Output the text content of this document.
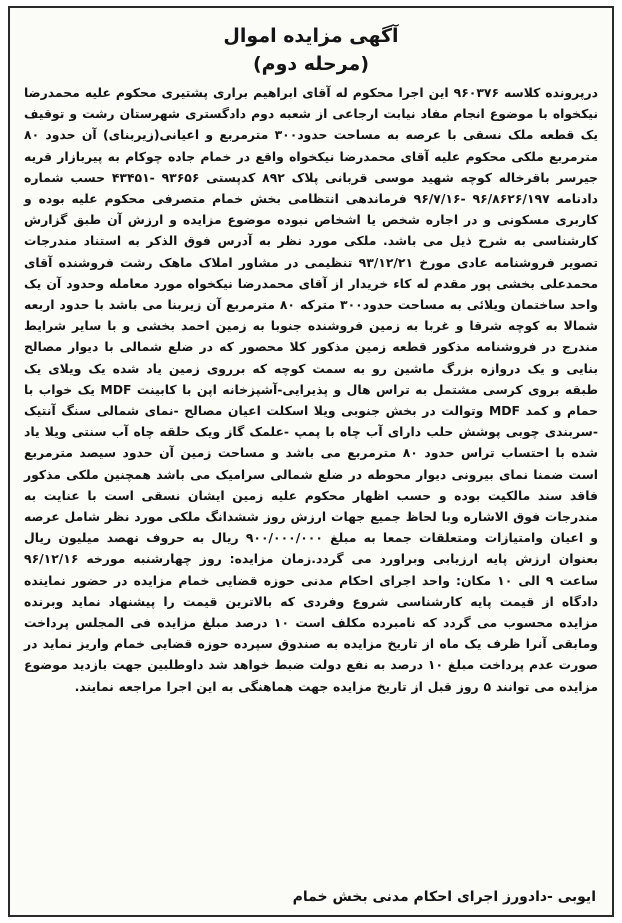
آگهی مزایده اموال

(مرحله دوم)

درپرونده کلاسه ۹۶۰۳۷۶ این اجرا محکوم له آقای ابراهیم براری پشتیری محکوم علیه محمدرضا نیکخواه با موضوع انجام مفاد نیابت ارجاعی از شعبه دوم دادگستری شهرستان رشت و توقیف یک قطعه ملک نسقی با عرصه به مساحت حدود۳۰۰ مترمربع و اعیانی(زیربنای) آن حدود ۸۰ مترمربع ملکی محکوم علیه آقای محمدرضا نیکخواه واقع در خمام جاده چوکام به پیربازار قریه جیرسر باقرخاله کوچه شهید موسی قربانی پلاک ۸۹۲ کدپستی ۹۳۶۵۶ -۴۳۴۵۱ حسب شماره دادنامه ۹۶/۸۶۲۶/۱۹۷ -۹۶/۷/۱۶ فرماندهی انتظامی بخش خمام متصرفی محکوم علیه بوده و کاربری مسکونی و در اجاره شخص یا اشخاص نبوده موضوع مزایده و ارزش آن طبق گزارش کارشناسی به شرح ذیل می باشد. ملکی مورد نظر به آدرس فوق الذکر به استناد مندرجات تصویر فروشنامه عادی مورخ ۹۳/۱۲/۲۱ تنظیمی در مشاور املاک ماهک رشت فروشنده آقای محمدعلی بخشی پور مقدم له کاء خریدار از آقای محمدرضا نیکخواه مورد معامله وحدود آن یک واحد ساختمان ویلائی به مساحت حدود۳۰۰ مترکه ۸۰ مترمربع آن زیربنا می باشد با حدود اربعه شمالا به کوچه شرقا و غربا به زمین فروشنده جنوبا به زمین احمد بخشی و با سایر شرایط مندرج در فروشنامه مذکور قطعه زمین مذکور کلا محصور که در ضلع شمالی با دیوار مصالح بنایی و یک دروازه بزرگ ماشین رو به سمت کوچه که برروی زمین یاد شده یک ویلای یک طبقه بروی کرسی مشتمل به تراس هال و پذیرایی-آشپزخانه اپن با کابینت MDF یک خواب با حمام و کمد MDF وتوالت در بخش جنوبی ویلا اسکلت اعیان مصالح -نمای شمالی سنگ آنتیک -سربندی چوبی پوشش حلب دارای آب چاه با پمپ -علمک گاز ویک حلقه چاه آب سنتی ویلا یاد شده با احتساب تراس حدود ۸۰ مترمربع می باشد و مساحت زمین آن حدود سیصد مترمربع است ضمنا نمای بیرونی دیوار محوطه در ضلع شمالی سرامیک می باشد همچنین ملکی مذکور فاقد سند مالکیت بوده و حسب اظهار محکوم علیه زمین ایشان نسقی است با عنایت به مندرجات فوق الاشاره وبا لحاظ جمیع جهات ارزش روز ششدانگ ملکی مورد نظر شامل عرصه و اعیان وامتیازات ومتعلقات جمعا به مبلغ ۹۰۰/۰۰۰/۰۰۰ ریال به حروف نهصد میلیون ریال بعنوان ارزش پایه ارزیابی وبراورد می گردد.زمان مزایده: روز چهارشنبه مورخه ۹۶/۱۲/۱۶ ساعت ۹ الی ۱۰ مکان: واحد اجرای احکام مدنی حوزه قضایی خمام مزایده در حضور نماینده دادگاه از قیمت پایه کارشناسی شروع وفردی که بالاترین قیمت را پیشنهاد نماید وبرنده مزایده محسوب می گردد که نامبرده مکلف است ۱۰ درصد مبلغ مزایده فی المجلس پرداخت ومابقی آنرا ظرف یک ماه از تاریخ مزایده به صندوق سپرده حوزه قضایی خمام واریز نماید در صورت عدم پرداخت مبلغ ۱۰ درصد به نفع دولت ضبط خواهد شد داوطلبین جهت بازدید موضوع مزایده می توانند ۵ روز قبل از تاریخ مزایده جهت هماهنگی به این اجرا مراجعه نمایند.

ایوبی -دادورز اجرای احکام مدنی بخش خمام
